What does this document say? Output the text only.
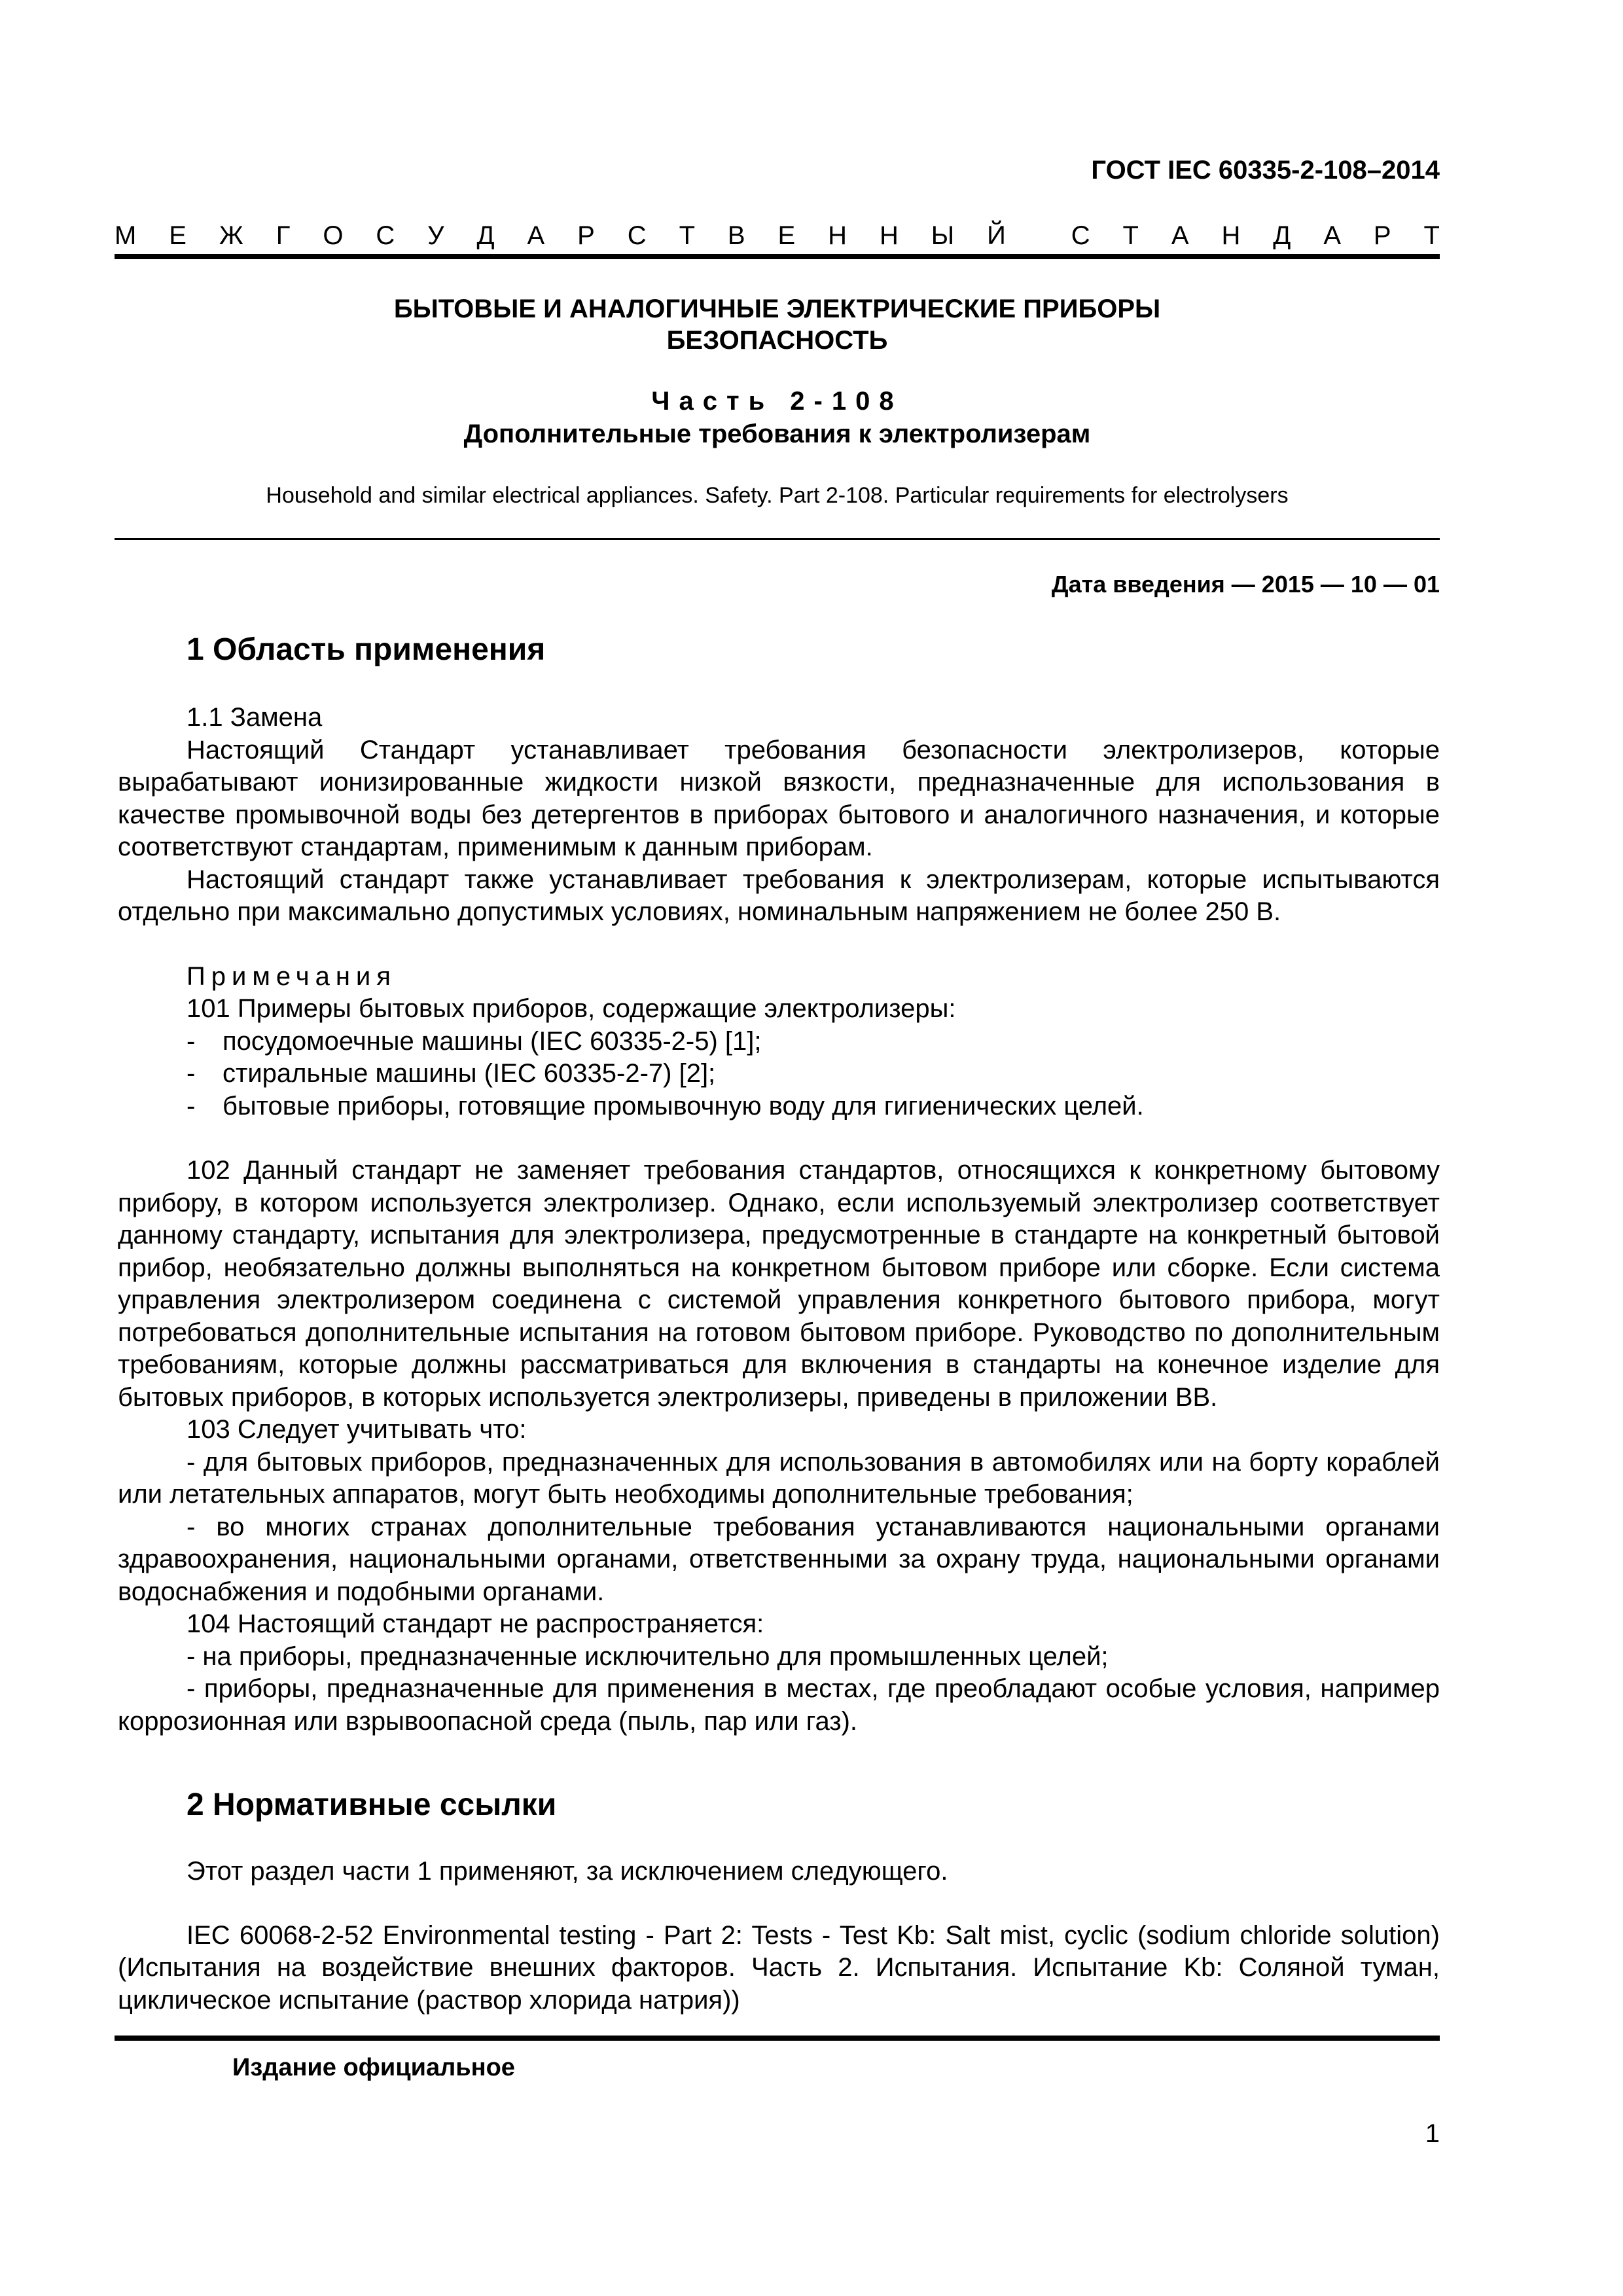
ГОСТ IEC 60335-2-108–2014
М Е Ж Г О С У Д А Р С Т В Е Н Н Ы Й С Т А Н Д А Р Т
БЫТОВЫЕ И АНАЛОГИЧНЫЕ ЭЛЕКТРИЧЕСКИЕ ПРИБОРЫ
БЕЗОПАСНОСТЬ
Часть 2-108
Дополнительные требования к электролизерам
Household and similar electrical appliances. Safety. Part 2-108. Particular requirements for electrolysers
Дата введения — 2015 — 10 — 01
1 Область применения

1.1 Замена

Настоящий Стандарт устанавливает требования безопасности электролизеров, которые вырабатывают ионизированные жидкости низкой вязкости, предназначенные для использования в качестве промывочной воды без детергентов в приборах бытового и аналогичного назначения, и которые соответствуют стандартам, применимым к данным приборам.

Настоящий стандарт также устанавливает требования к электролизерам, которые испытываются отдельно при максимально допустимых условиях, номинальным напряжением не более 250 В.

Примечания

101 Примеры бытовых приборов, содержащие электролизеры:

-	посудомоечные машины (IEC 60335-2-5) [1];
-	стиральные машины (IEC 60335-2-7) [2];
-	бытовые приборы, готовящие промывочную воду для гигиенических целей.

102 Данный стандарт не заменяет требования стандартов, относящихся к конкретному бытовому прибору, в котором используется электролизер. Однако, если используемый электролизер соответствует данному стандарту, испытания для электролизера, предусмотренные в стандарте на конкретный бытовой прибор, необязательно должны выполняться на конкретном бытовом приборе или сборке. Если система управления электролизером соединена с системой управления конкретного бытового прибора, могут потребоваться дополнительные испытания на готовом бытовом приборе. Руководство по дополнительным требованиям, которые должны рассматриваться для включения в стандарты на конечное изделие для бытовых приборов, в которых используется электролизеры, приведены в приложении ВВ.

103 Следует учитывать что:

- для бытовых приборов, предназначенных для использования в автомобилях или на борту кораблей или летательных аппаратов, могут быть необходимы дополнительные требования;

- во многих странах дополнительные требования устанавливаются национальными органами здравоохранения, национальными органами, ответственными за охрану труда, национальными органами водоснабжения и подобными органами.

104 Настоящий стандарт не распространяется:

- на приборы, предназначенные исключительно для промышленных целей;

- приборы, предназначенные для применения в местах, где преобладают особые условия, например коррозионная или взрывоопасной среда (пыль, пар или газ).

2 Нормативные ссылки

Этот раздел части 1 применяют, за исключением следующего.

IEC 60068-2-52 Environmental testing - Part 2: Tests - Test Kb: Salt mist, cyclic (sodium chloride solution) (Испытания на воздействие внешних факторов. Часть 2. Испытания. Испытание Kb: Соляной туман, циклическое испытание (раствор хлорида натрия))

Издание официальное
1
